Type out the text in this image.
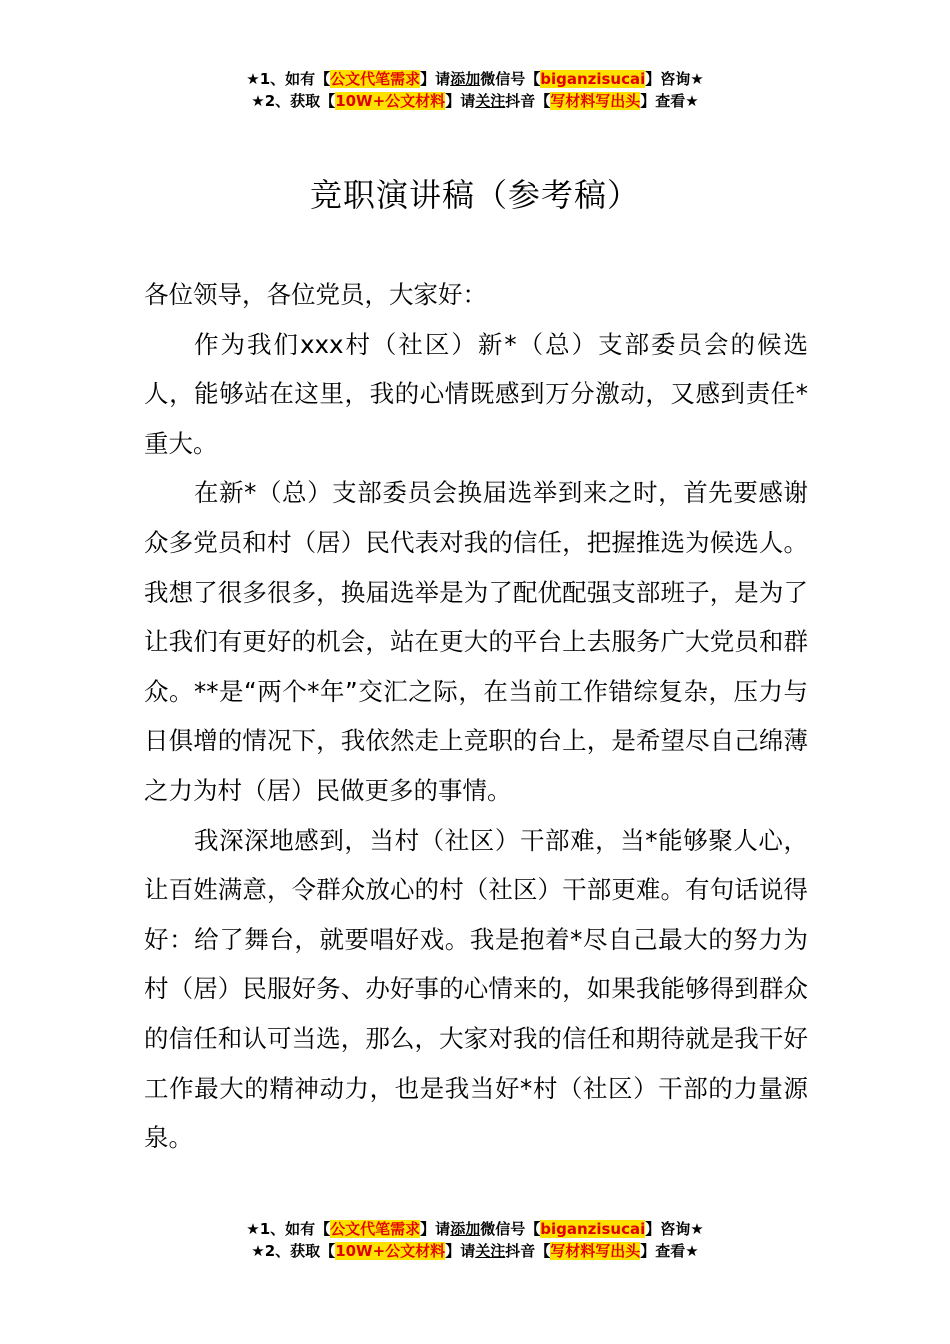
★1、如有【公文代笔需求】请添加微信号【biganzisucai】咨询★
★2、获取【10W+公文材料】请关注抖音【写材料写出头】查看★
竞职演讲稿（参考稿）

各位领导，各位党员，大家好：

作为我们xxx村（社区）新*（总）支部委员会的候选人，能够站在这里，我的心情既感到万分激动，又感到责任*重大。

在新*（总）支部委员会换届选举到来之时，首先要感谢众多党员和村（居）民代表对我的信任，把握推选为候选人。我想了很多很多，换届选举是为了配优配强支部班子，是为了让我们有更好的机会，站在更大的平台上去服务广大党员和群众。**是“两个*年”交汇之际，在当前工作错综复杂，压力与日俱增的情况下，我依然走上竞职的台上，是希望尽自己绵薄之力为村（居）民做更多的事情。

我深深地感到，当村（社区）干部难，当*能够聚人心，让百姓满意，令群众放心的村（社区）干部更难。有句话说得好：给了舞台，就要唱好戏。我是抱着*尽自己最大的努力为村（居）民服好务、办好事的心情来的，如果我能够得到群众的信任和认可当选，那么，大家对我的信任和期待就是我干好工作最大的精神动力，也是我当好*村（社区）干部的力量源泉。

★1、如有【公文代笔需求】请添加微信号【biganzisucai】咨询★
★2、获取【10W+公文材料】请关注抖音【写材料写出头】查看★
